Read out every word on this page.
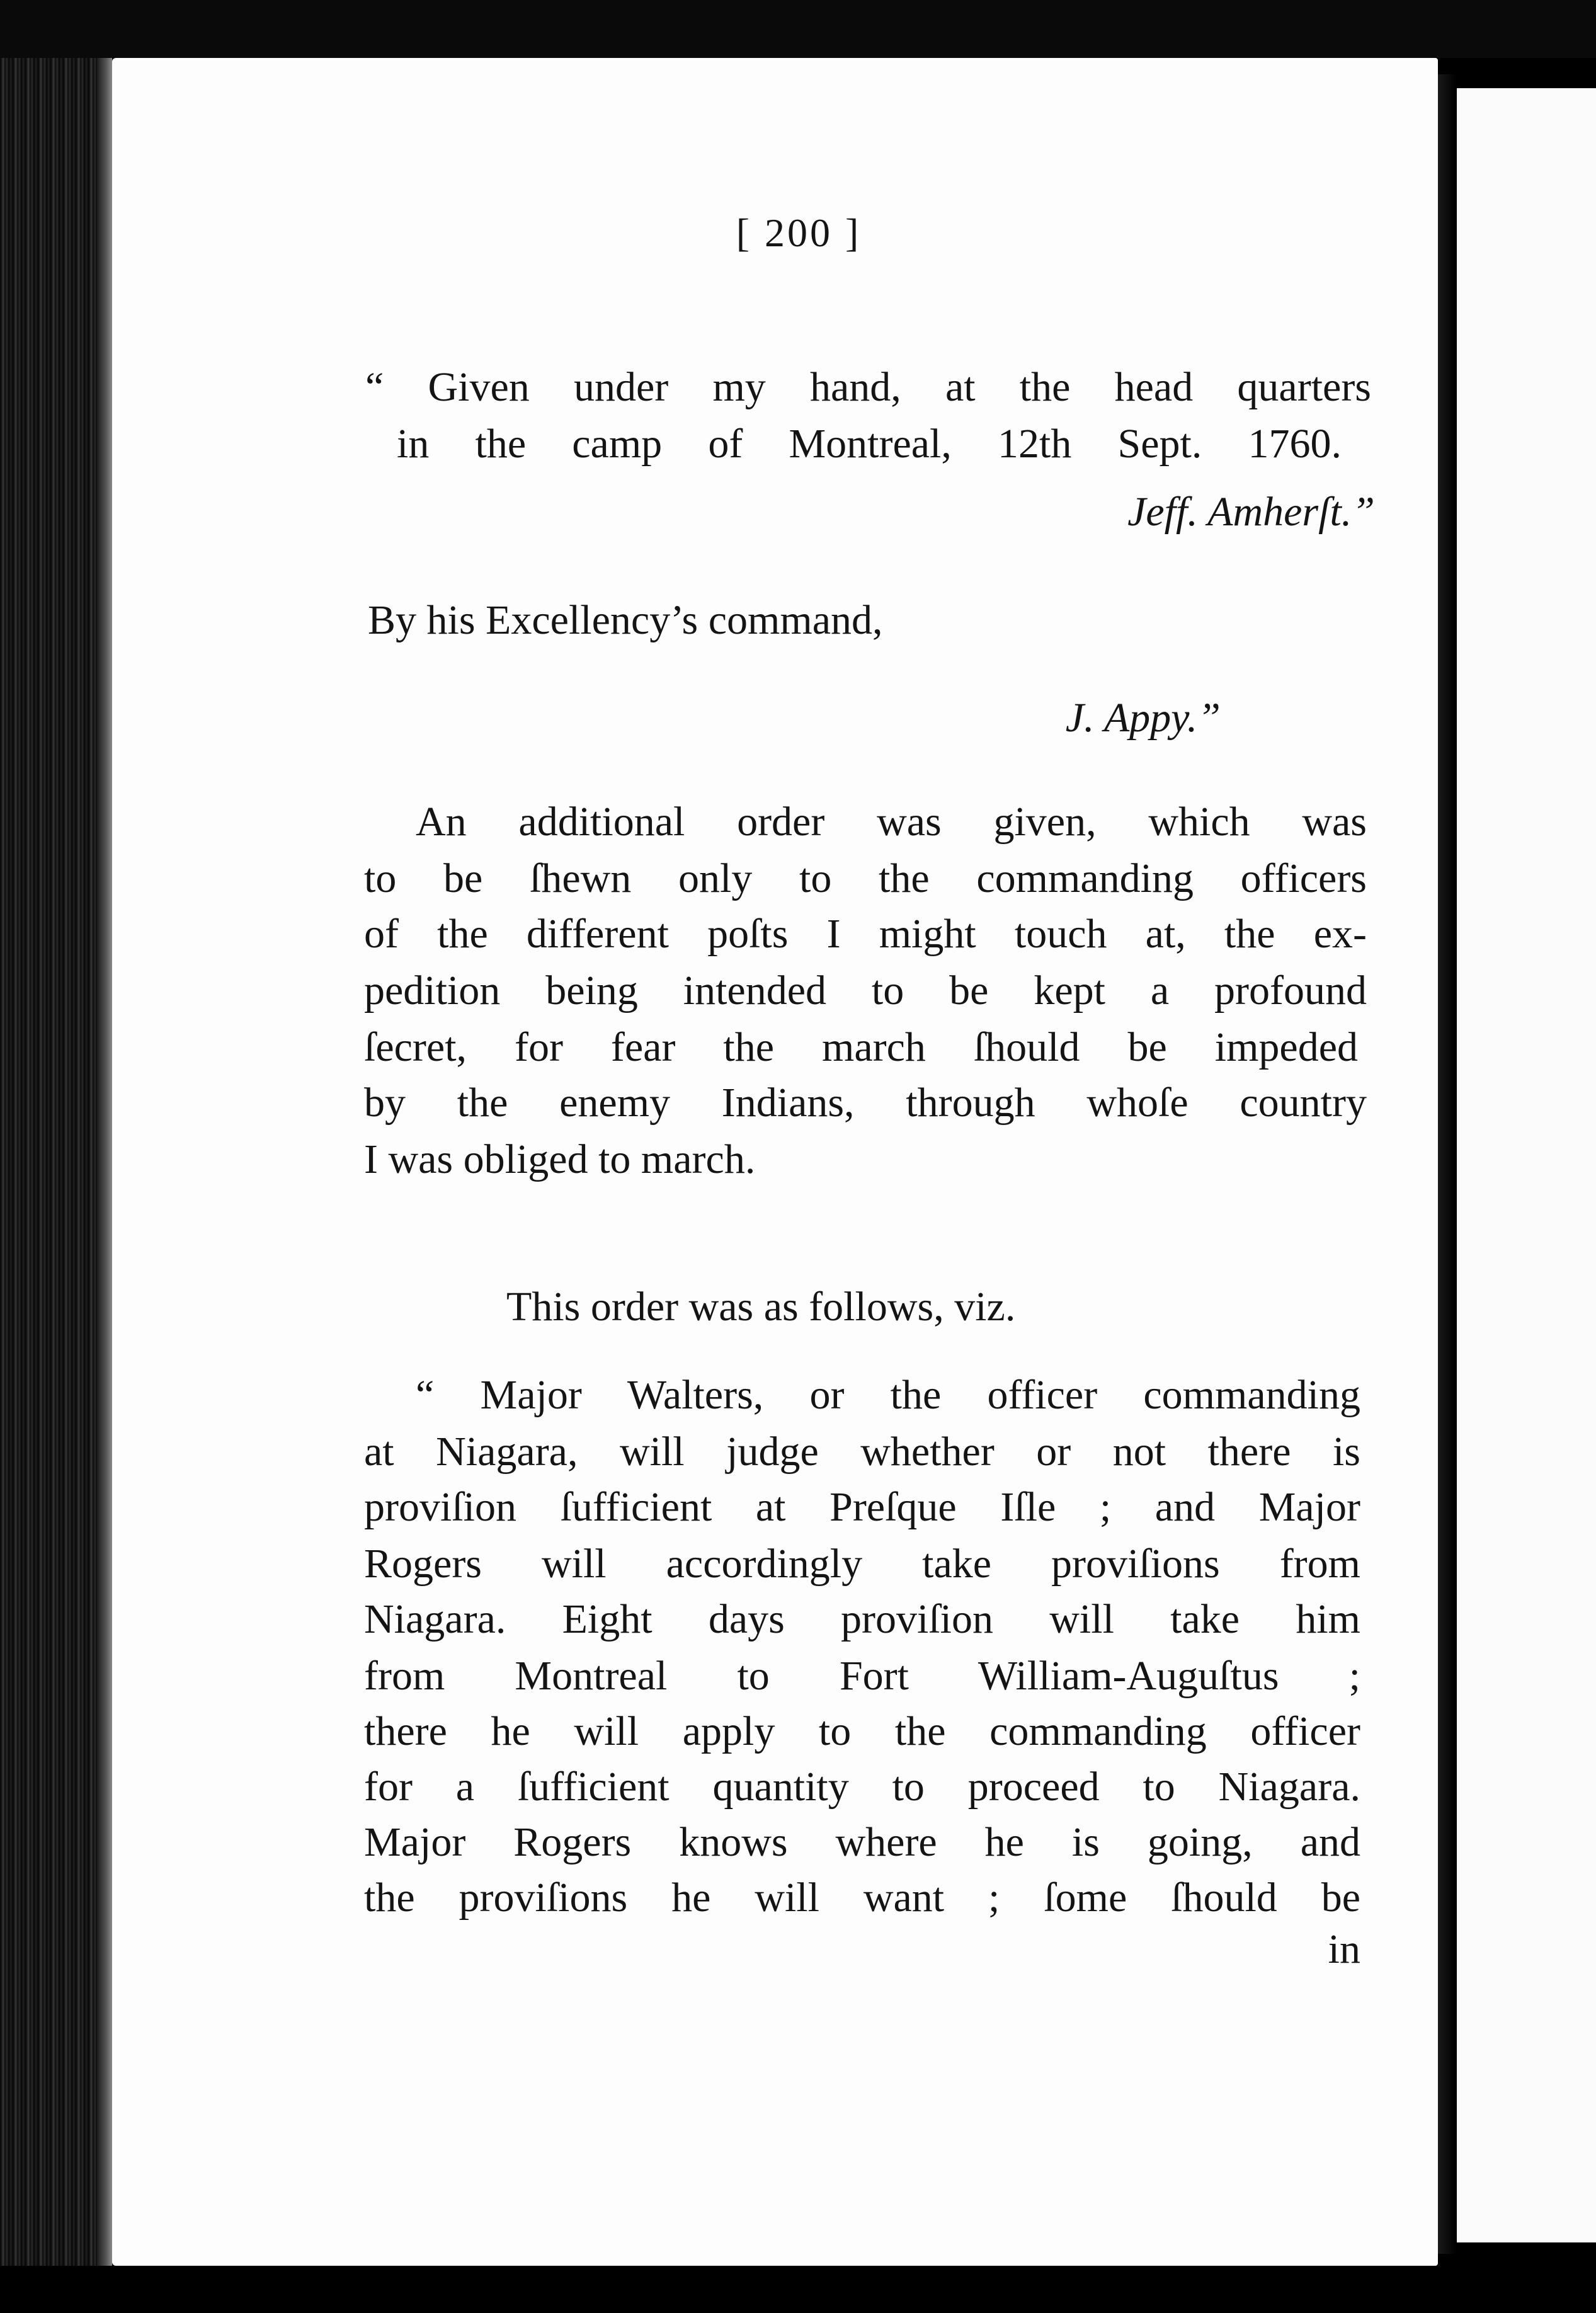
[ 200 ]
“ Given under my hand, at the head quarters
in the camp of Montreal, 12th Sept. 1760.
Jeff. Amherſt.”
By his Excellency’s command,
J. Appy.”
An additional order was given, which was
to be ſhewn only to the commanding officers
of the different poſts I might touch at, the ex-
pedition being intended to be kept a profound
ſecret, for fear the march ſhould be impeded
by the enemy Indians, through whoſe country
I was obliged to march.
This order was as follows, viz.
“ Major Walters, or the officer commanding
at Niagara, will judge whether or not there is
proviſion ſufficient at Preſque Iſle ; and Major
Rogers will accordingly take proviſions from
Niagara. Eight days proviſion will take him
from Montreal to Fort William-Auguſtus ;
there he will apply to the commanding officer
for a ſufficient quantity to proceed to Niagara.
Major Rogers knows where he is going, and
the proviſions he will want ; ſome ſhould be
in
